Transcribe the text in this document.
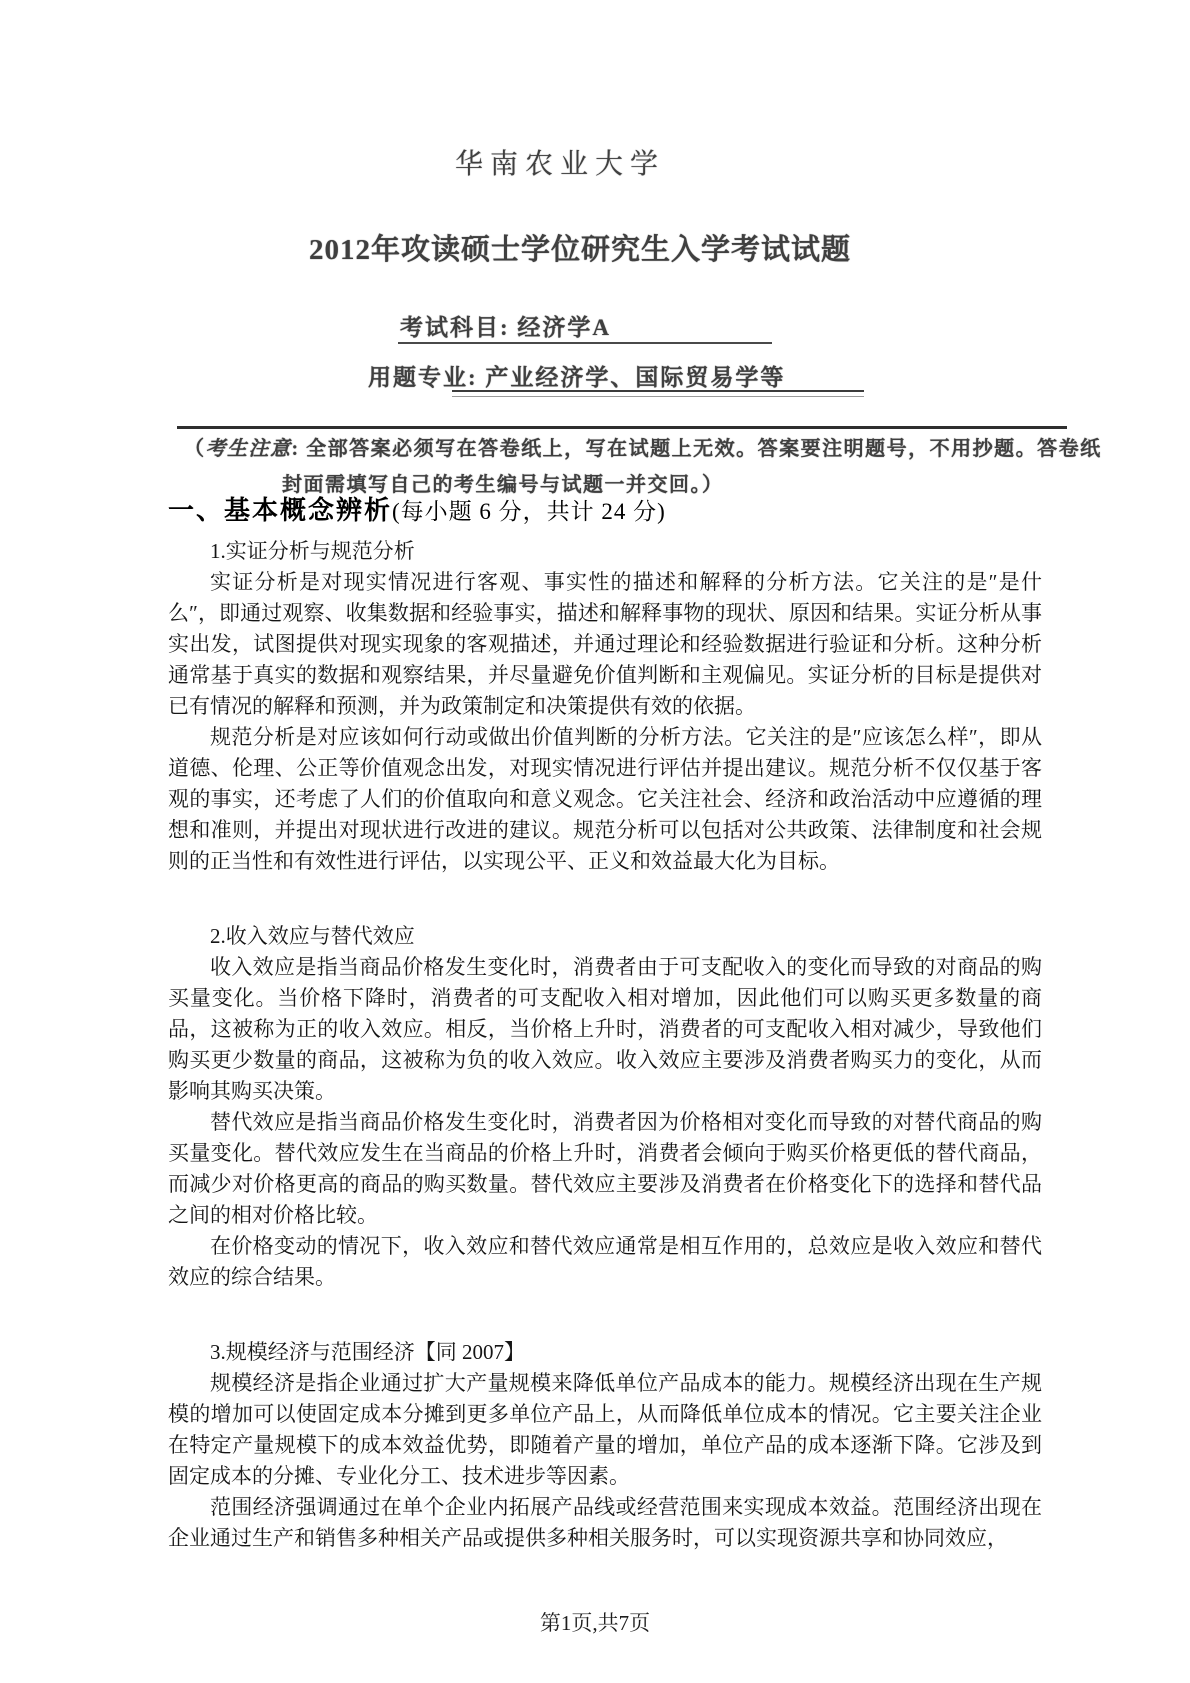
华南农业大学
2012年攻读硕士学位研究生入学考试试题
考试科目: 经济学A
用题专业: 产业经济学、国际贸易学等
（考生注意: 全部答案必须写在答卷纸上，写在试题上无效。答案要注明题号，不用抄题。答卷纸
封面需填写自己的考生编号与试题一并交回。）
一、基本概念辨析(每小题 6 分，共计 24 分)
1.实证分析与规范分析

实证分析是对现实情况进行客观、事实性的描述和解释的分析方法。它关注的是″是什么″，即通过观察、收集数据和经验事实，描述和解释事物的现状、原因和结果。实证分析从事实出发，试图提供对现实现象的客观描述，并通过理论和经验数据进行验证和分析。这种分析通常基于真实的数据和观察结果，并尽量避免价值判断和主观偏见。实证分析的目标是提供对已有情况的解释和预测，并为政策制定和决策提供有效的依据。

规范分析是对应该如何行动或做出价值判断的分析方法。它关注的是″应该怎么样″，即从道德、伦理、公正等价值观念出发，对现实情况进行评估并提出建议。规范分析不仅仅基于客观的事实，还考虑了人们的价值取向和意义观念。它关注社会、经济和政治活动中应遵循的理想和准则，并提出对现状进行改进的建议。规范分析可以包括对公共政策、法律制度和社会规则的正当性和有效性进行评估，以实现公平、正义和效益最大化为目标。

2.收入效应与替代效应

收入效应是指当商品价格发生变化时，消费者由于可支配收入的变化而导致的对商品的购买量变化。当价格下降时，消费者的可支配收入相对增加，因此他们可以购买更多数量的商品，这被称为正的收入效应。相反，当价格上升时，消费者的可支配收入相对减少，导致他们购买更少数量的商品，这被称为负的收入效应。收入效应主要涉及消费者购买力的变化，从而影响其购买决策。

替代效应是指当商品价格发生变化时，消费者因为价格相对变化而导致的对替代商品的购买量变化。替代效应发生在当商品的价格上升时，消费者会倾向于购买价格更低的替代商品，而减少对价格更高的商品的购买数量。替代效应主要涉及消费者在价格变化下的选择和替代品之间的相对价格比较。

在价格变动的情况下，收入效应和替代效应通常是相互作用的，总效应是收入效应和替代效应的综合结果。

3.规模经济与范围经济【同 2007】

规模经济是指企业通过扩大产量规模来降低单位产品成本的能力。规模经济出现在生产规模的增加可以使固定成本分摊到更多单位产品上，从而降低单位成本的情况。它主要关注企业在特定产量规模下的成本效益优势，即随着产量的增加，单位产品的成本逐渐下降。它涉及到固定成本的分摊、专业化分工、技术进步等因素。

范围经济强调通过在单个企业内拓展产品线或经营范围来实现成本效益。范围经济出现在企业通过生产和销售多种相关产品或提供多种相关服务时，可以实现资源共享和协同效应，

第1页,共7页
